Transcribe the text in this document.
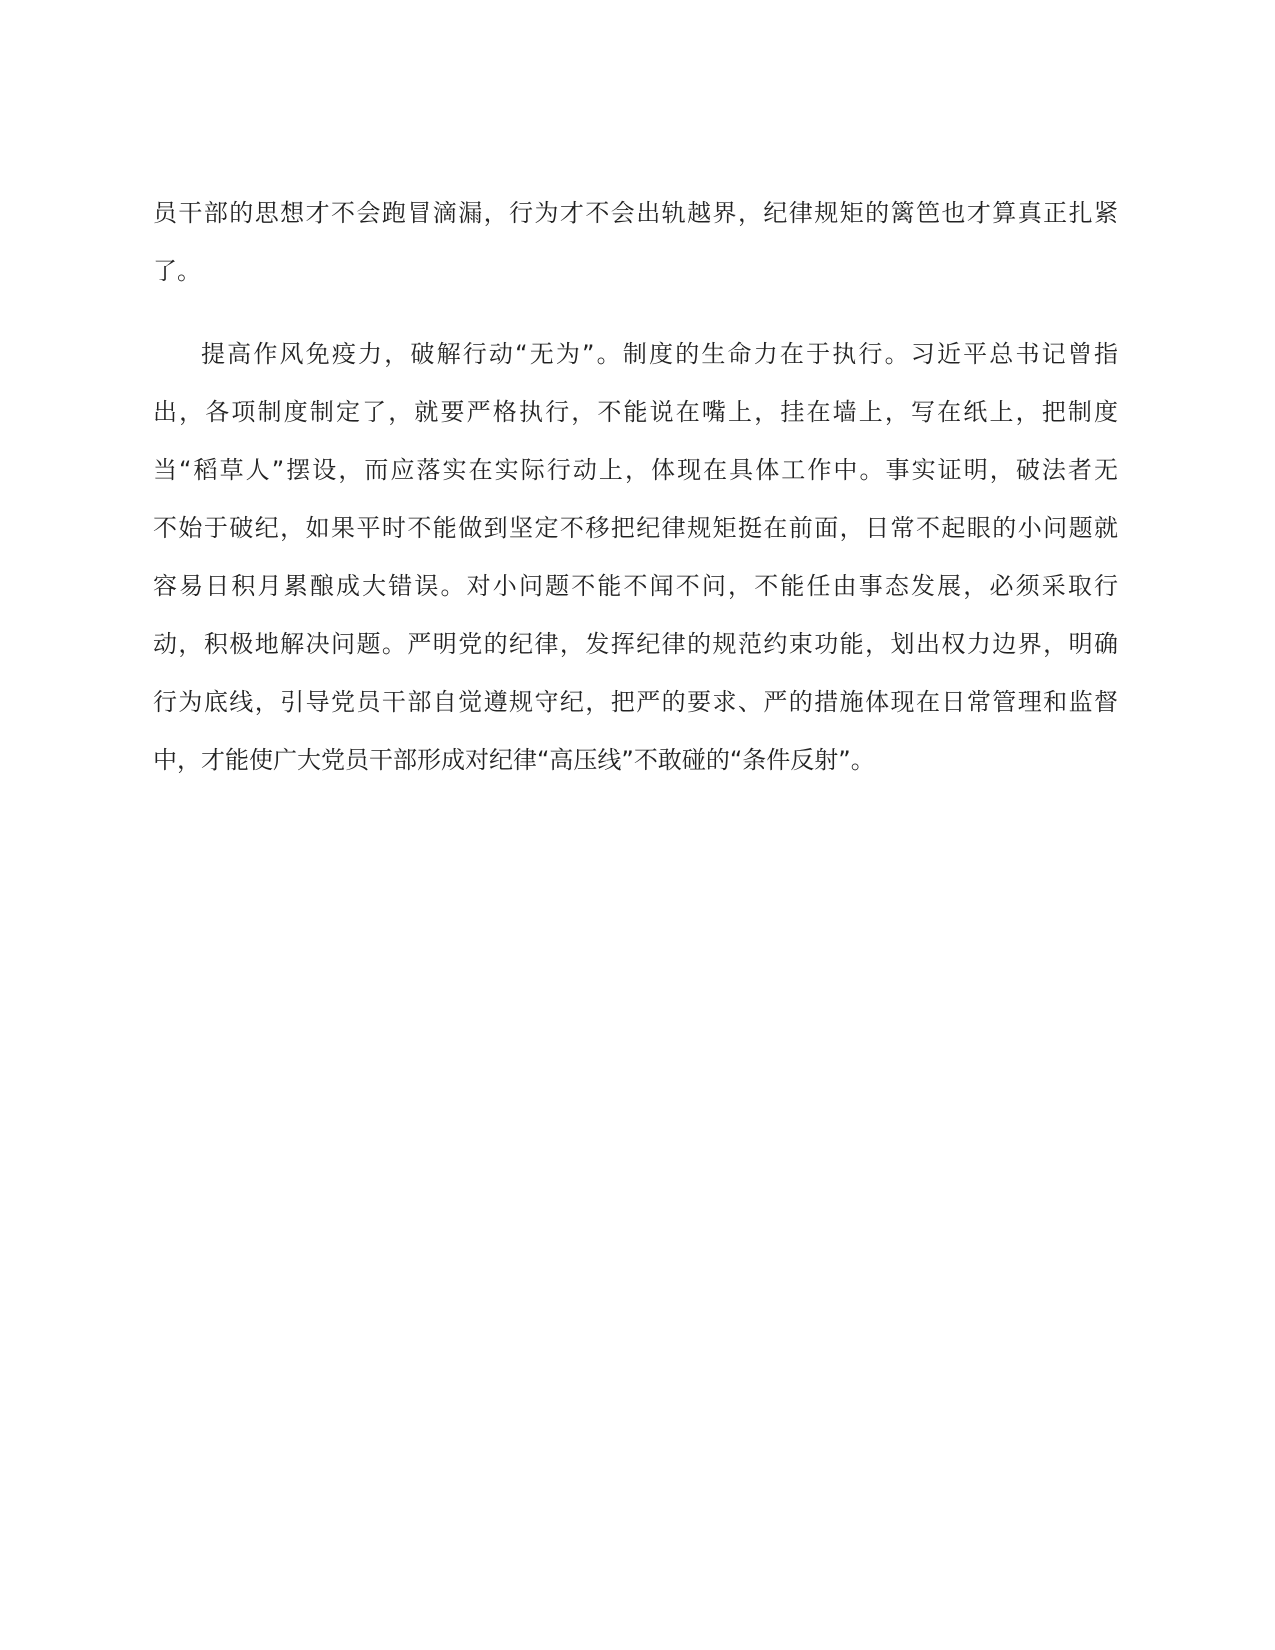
员干部的思想才不会跑冒滴漏，行为才不会出轨越界，纪律规矩的篱笆也才算真正扎紧
了。
提高作风免疫力，破解行动“无为”。制度的生命力在于执行。习近平总书记曾指
出，各项制度制定了，就要严格执行，不能说在嘴上，挂在墙上，写在纸上，把制度
当“稻草人”摆设，而应落实在实际行动上，体现在具体工作中。事实证明，破法者无
不始于破纪，如果平时不能做到坚定不移把纪律规矩挺在前面，日常不起眼的小问题就
容易日积月累酿成大错误。对小问题不能不闻不问，不能任由事态发展，必须采取行
动，积极地解决问题。严明党的纪律，发挥纪律的规范约束功能，划出权力边界，明确
行为底线，引导党员干部自觉遵规守纪，把严的要求、严的措施体现在日常管理和监督
中，才能使广大党员干部形成对纪律“高压线”不敢碰的“条件反射”。
